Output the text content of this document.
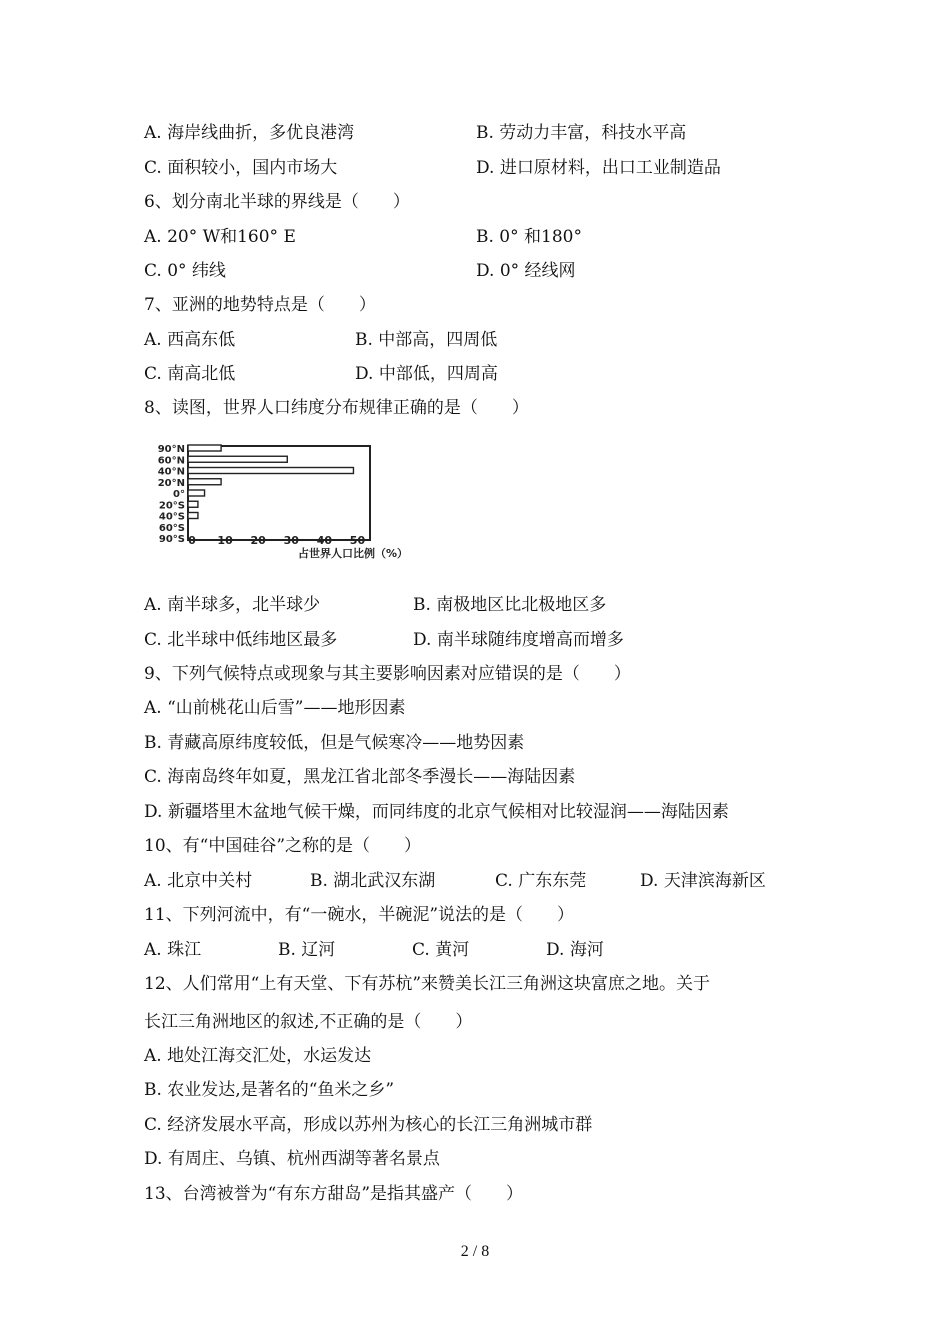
A. 海岸线曲折，多优良港湾	B. 劳动力丰富，科技水平高
C. 面积较小，国内市场大	D. 进口原材料，出口工业制造品
6、划分南北半球的界线是（　　）
A. 20° W和160° E	B. 0° 和180°
C. 0° 纬线	D. 0° 经线网
7、亚洲的地势特点是（　　）
A. 西高东低	B. 中部高，四周低
C. 南高北低	D. 中部低，四周高
8、读图，世界人口纬度分布规律正确的是（　　）
90°N
60°N
40°N
20°N
0°
20°S
40°S
60°S
90°S 0 10 20 30 40 50
占世界人口比例（%）
A. 南半球多，北半球少	B. 南极地区比北极地区多
C. 北半球中低纬地区最多	D. 南半球随纬度增高而增多
9、下列气候特点或现象与其主要影响因素对应错误的是（　　）
A. “山前桃花山后雪”——地形因素
B. 青藏高原纬度较低，但是气候寒冷——地势因素
C. 海南岛终年如夏，黑龙江省北部冬季漫长——海陆因素
D. 新疆塔里木盆地气候干燥，而同纬度的北京气候相对比较湿润——海陆因素
10、有“中国硅谷”之称的是（　　）
A. 北京中关村	B. 湖北武汉东湖	C. 广东东莞	D. 天津滨海新区
11、下列河流中，有“一碗水，半碗泥”说法的是（　　）
A. 珠江	B. 辽河	C. 黄河	D. 海河
12、人们常用“上有天堂、下有苏杭”来赞美长江三角洲这块富庶之地。关于
长江三角洲地区的叙述,不正确的是（　　）
A. 地处江海交汇处，水运发达
B. 农业发达,是著名的“鱼米之乡”
C. 经济发展水平高，形成以苏州为核心的长江三角洲城市群
D. 有周庄、乌镇、杭州西湖等著名景点
13、台湾被誉为“有东方甜岛”是指其盛产（　　）
2 / 8
